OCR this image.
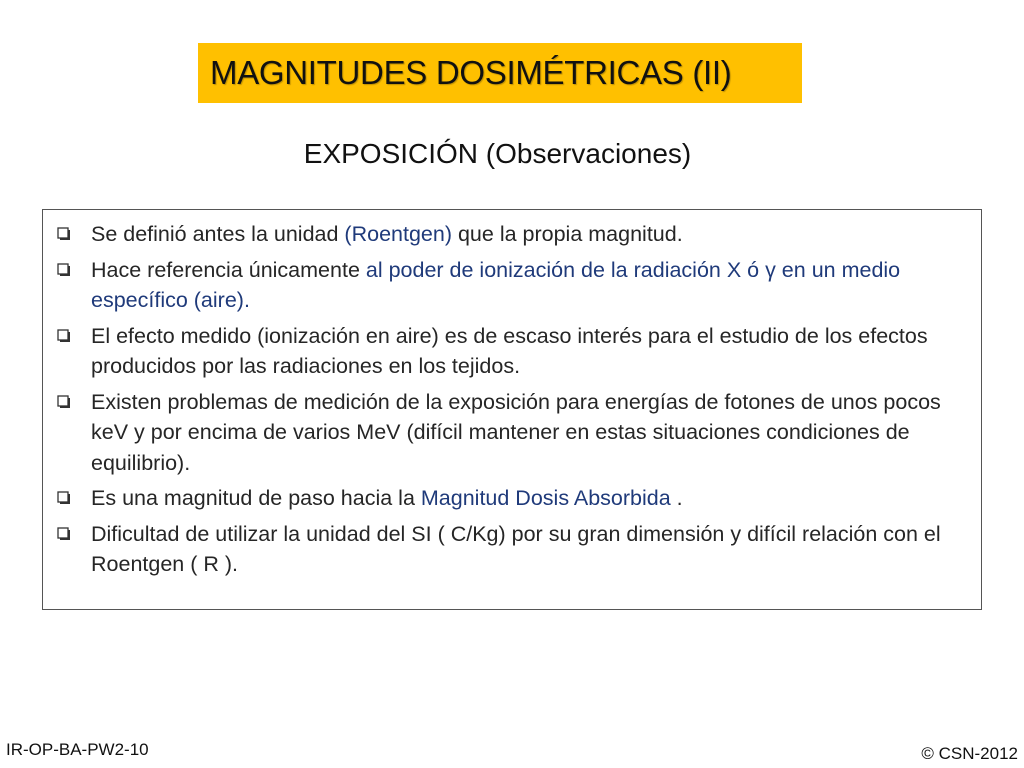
MAGNITUDES DOSIMÉTRICAS (II)
EXPOSICIÓN (Observaciones)
Se definió antes la unidad (Roentgen) que la propia magnitud.
Hace referencia únicamente al poder de ionización de la radiación X ó γ en un medio específico (aire).
El efecto medido (ionización en aire) es de escaso interés para el estudio de los efectos producidos por las radiaciones en los tejidos.
Existen problemas de medición de la exposición para energías de fotones de unos pocos keV y por encima de varios MeV (difícil mantener en estas situaciones condiciones de equilibrio).
Es una magnitud de paso hacia la Magnitud Dosis Absorbida .
Dificultad de utilizar la unidad del SI ( C/Kg) por su gran dimensión y difícil relación con el Roentgen ( R ).
IR-OP-BA-PW2-10	© CSN-2012
